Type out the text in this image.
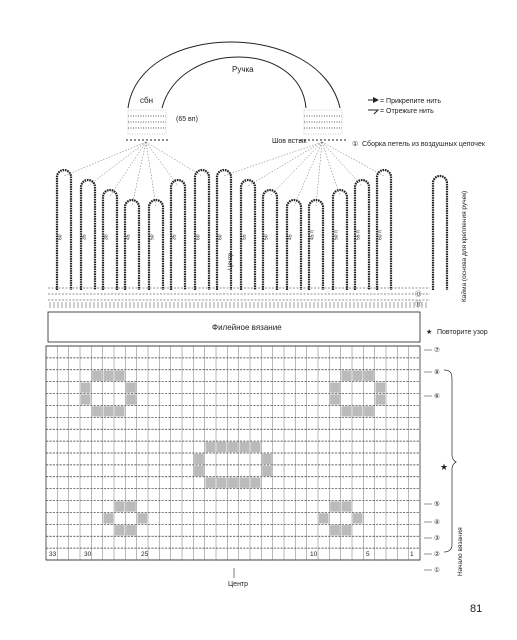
Ручка
сбн
(65 вп)
Шов встык	① Сборка петель из воздушных цепочек
= Прикрепите нить
= Отрежьте нить
60	35	30	45	50	35	60	60	55	50	45	45 п	50 п	55 п	60 п
Центр
Филейное вязание
33	30	25	10	5	1
⑫
⑪
⑦
⑧
⑥
⑤
④
③
②
①
Кайма (основа для крепления ручек)
★ Повторите узор
★
Начало вязания
Центр
81
